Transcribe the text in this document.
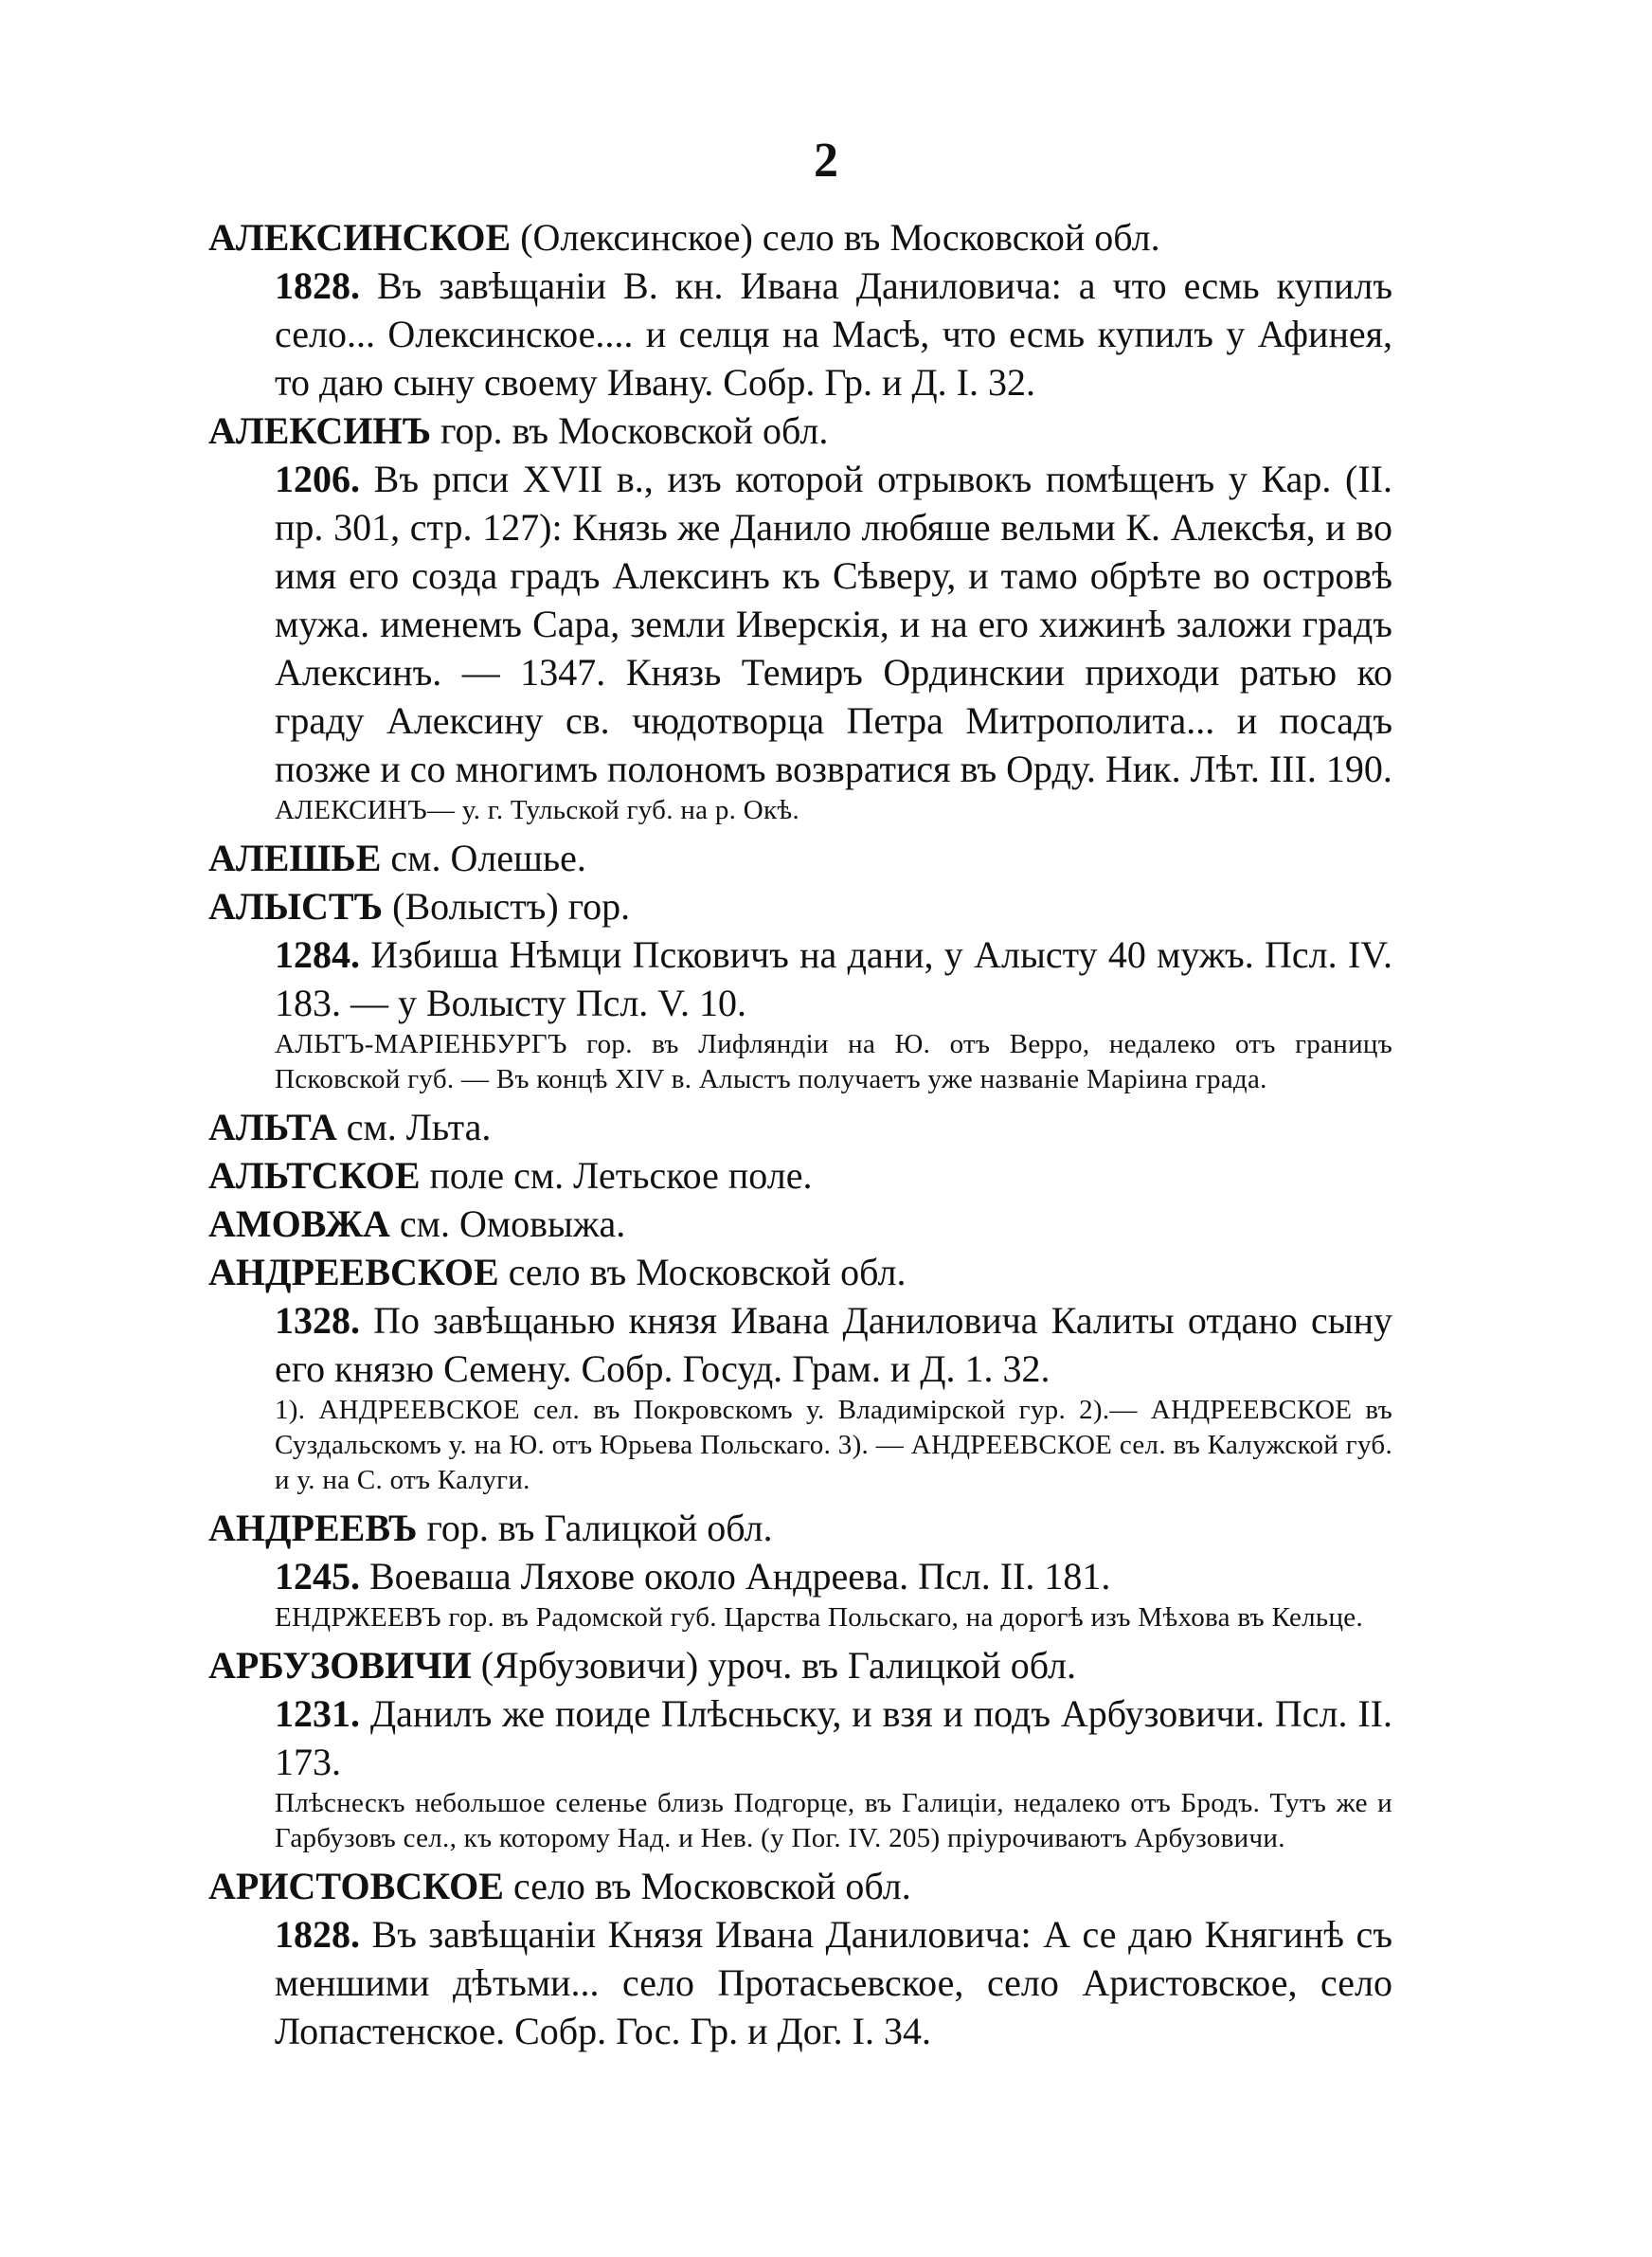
2
АЛЕКСИНСКОЕ (Олексинское) село въ Московской обл.
1828. Въ завѣщаніи В. кн. Ивана Даниловича: а что есмь купилъ село... Олексинское.... и селця на Масѣ, что есмь купилъ у Афинея, то даю сыну своему Ивану. Собр. Гр. и Д. I. 32.
АЛЕКСИНЪ гор. въ Московской обл.
1206. Въ рпси XVII в., изъ которой отрывокъ помѣщенъ у Кар. (II. пр. 301, стр. 127): Князь же Данило любяше вельми К. Алексѣя, и во имя его созда градъ Алексинъ къ Сѣверу, и тамо обрѣте во островѣ мужа. именемъ Сара, земли Иверскія, и на его хижинѣ заложи градъ Алексинъ. — 1347. Князь Темиръ Ординскии приходи ратью ко граду Алексину св. чюдотворца Петра Митрополита... и посадъ позже и со многимъ полономъ возвратися въ Орду. Ник. Лѣт. III. 190.
АЛЕКСИНЪ— у. г. Тульской губ. на р. Окѣ.
АЛЕШЬЕ см. Олешье.
АЛЫСТЪ (Волыстъ) гор.
1284. Избиша Нѣмци Псковичъ на дани, у Алысту 40 мужъ. Псл. IV. 183. — у Волысту Псл. V. 10.
АЛЬТЪ-МАРІЕНБУРГЪ гор. въ Лифляндіи на Ю. отъ Верро, недалеко отъ границъ Псковской губ. — Въ концѣ XIV в. Алыстъ получаетъ уже названіе Маріина града.
АЛЬТА см. Льта.
АЛЬТСКОЕ поле см. Летьское поле.
АМОВЖА см. Омовыжа.
АНДРЕЕВСКОЕ село въ Московской обл.
1328. По завѣщанью князя Ивана Даниловича Калиты отдано сыну его князю Семену. Собр. Госуд. Грам. и Д. 1. 32.
1). АНДРЕЕВСКОЕ сел. въ Покровскомъ у. Владимірской гур. 2).— АНДРЕЕВСКОЕ въ Суздальскомъ у. на Ю. отъ Юрьева Польскаго. 3). — АНДРЕЕВСКОЕ сел. въ Калужской губ. и у. на С. отъ Калуги.
АНДРЕЕВЪ гор. въ Галицкой обл.
1245. Воеваша Ляхове около Андреева. Псл. II. 181.
ЕНДРЖЕЕВЪ гор. въ Радомской губ. Царства Польскаго, на дорогѣ изъ Мѣхова въ Кельце.
АРБУЗОВИЧИ (Ярбузовичи) уроч. въ Галицкой обл.
1231. Данилъ же поиде Плѣсньску, и взя и подъ Арбузовичи. Псл. II. 173.
Плѣснескъ небольшое селенье близь Подгорце, въ Галиціи, недалеко отъ Бродъ. Тутъ же и Гарбузовъ сел., къ которому Над. и Нев. (у Пог. IV. 205) пріурочиваютъ Арбузовичи.
АРИСТОВСКОЕ село въ Московской обл.
1828. Въ завѣщаніи Князя Ивана Даниловича: А се даю Княгинѣ съ меншими дѣтьми... село Протасьевское, село Аристовское, село Лопастенское. Собр. Гос. Гр. и Дог. I. 34.
